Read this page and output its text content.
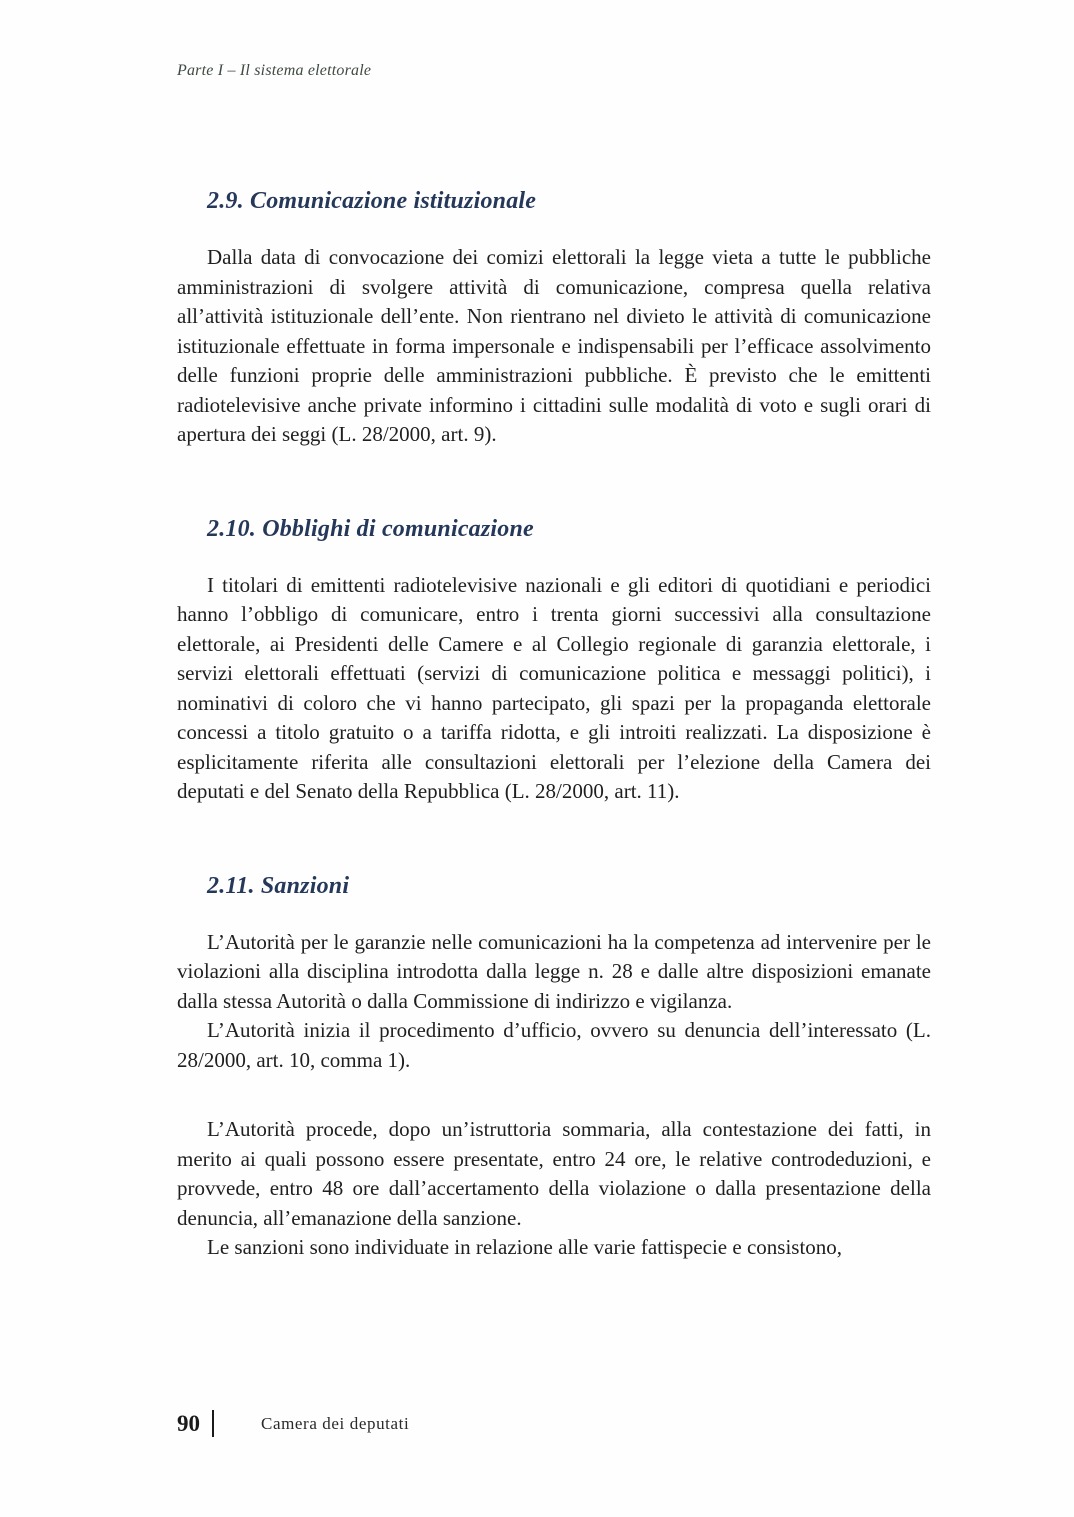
Parte I – Il sistema elettorale
2.9. Comunicazione istituzionale

Dalla data di convocazione dei comizi elettorali la legge vieta a tutte le pubbliche amministrazioni di svolgere attività di comunicazione, compresa quella relativa all’attività istituzionale dell’ente. Non rientrano nel divieto le attività di comunicazione istituzionale effettuate in forma impersonale e indispensabili per l’efficace assolvimento delle funzioni proprie delle amministrazioni pubbliche. È previsto che le emittenti radiotelevisive anche private informino i cittadini sulle modalità di voto e sugli orari di apertura dei seggi (L. 28/2000, art. 9).

2.10. Obblighi di comunicazione

I titolari di emittenti radiotelevisive nazionali e gli editori di quotidiani e periodici hanno l’obbligo di comunicare, entro i trenta giorni successivi alla consultazione elettorale, ai Presidenti delle Camere e al Collegio regionale di garanzia elettorale, i servizi elettorali effettuati (servizi di comunicazione politica e messaggi politici), i nominativi di coloro che vi hanno partecipato, gli spazi per la propaganda elettorale concessi a titolo gratuito o a tariffa ridotta, e gli introiti realizzati. La disposizione è esplicitamente riferita alle consultazioni elettorali per l’elezione della Camera dei deputati e del Senato della Repubblica (L. 28/2000, art. 11).

2.11. Sanzioni

L’Autorità per le garanzie nelle comunicazioni ha la competenza ad intervenire per le violazioni alla disciplina introdotta dalla legge n. 28 e dalle altre disposizioni emanate dalla stessa Autorità o dalla Commissione di indirizzo e vigilanza.

L’Autorità inizia il procedimento d’ufficio, ovvero su denuncia dell’interessato (L. 28/2000, art. 10, comma 1).

L’Autorità procede, dopo un’istruttoria sommaria, alla contestazione dei fatti, in merito ai quali possono essere presentate, entro 24 ore, le relative controdeduzioni, e provvede, entro 48 ore dall’accertamento della violazione o dalla presentazione della denuncia, all’emanazione della sanzione.

Le sanzioni sono individuate in relazione alle varie fattispecie e consistono,

90	Camera dei deputati
